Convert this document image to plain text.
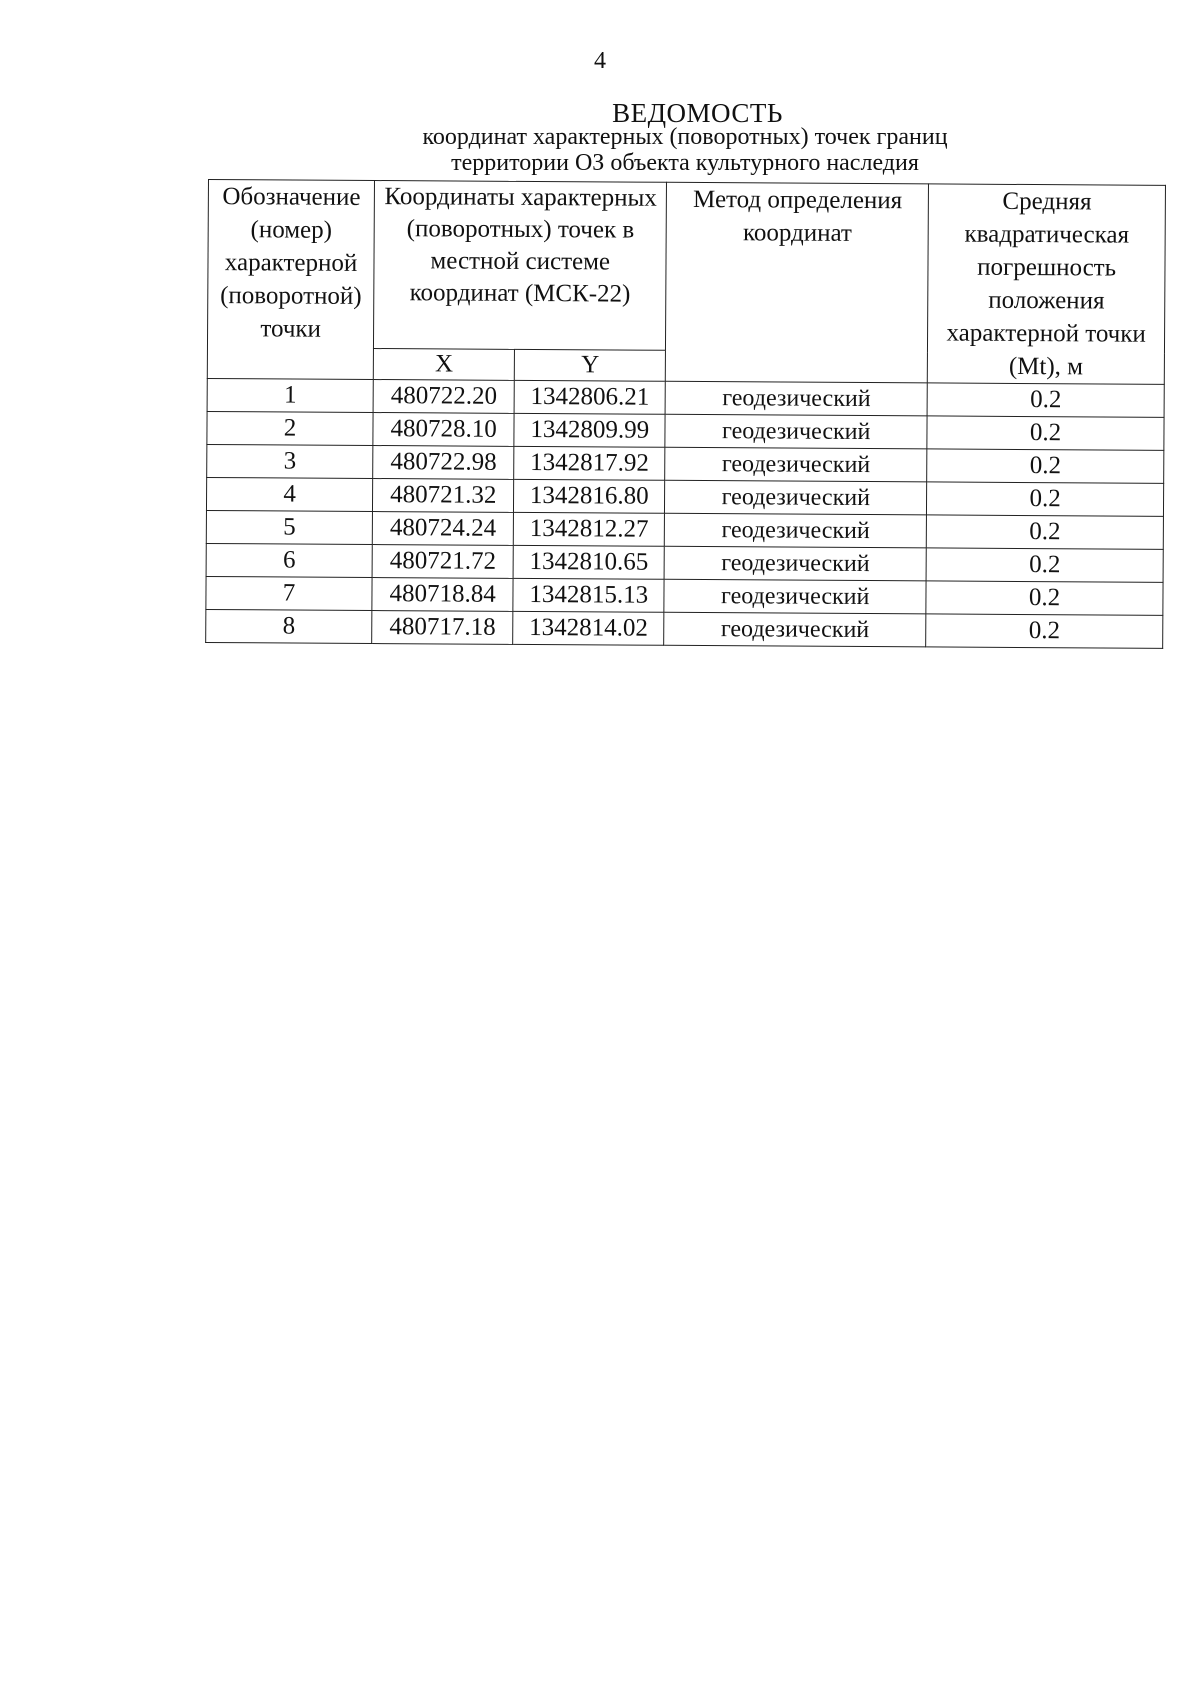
4
ВЕДОМОСТЬ
координат характерных (поворотных) точек границ территории ОЗ объекта культурного наследия
Обозначение (номер) характерной (поворотной) точки	Координаты характерных (поворотных) точек в местной системе координат (МСК-22)		Метод определения координат	Средняя квадратическая погрешность положения характерной точки (Mt), м
	X	Y		
1	480722.20	1342806.21	геодезический	0.2
2	480728.10	1342809.99	геодезический	0.2
3	480722.98	1342817.92	геодезический	0.2
4	480721.32	1342816.80	геодезический	0.2
5	480724.24	1342812.27	геодезический	0.2
6	480721.72	1342810.65	геодезический	0.2
7	480718.84	1342815.13	геодезический	0.2
8	480717.18	1342814.02	геодезический	0.2
